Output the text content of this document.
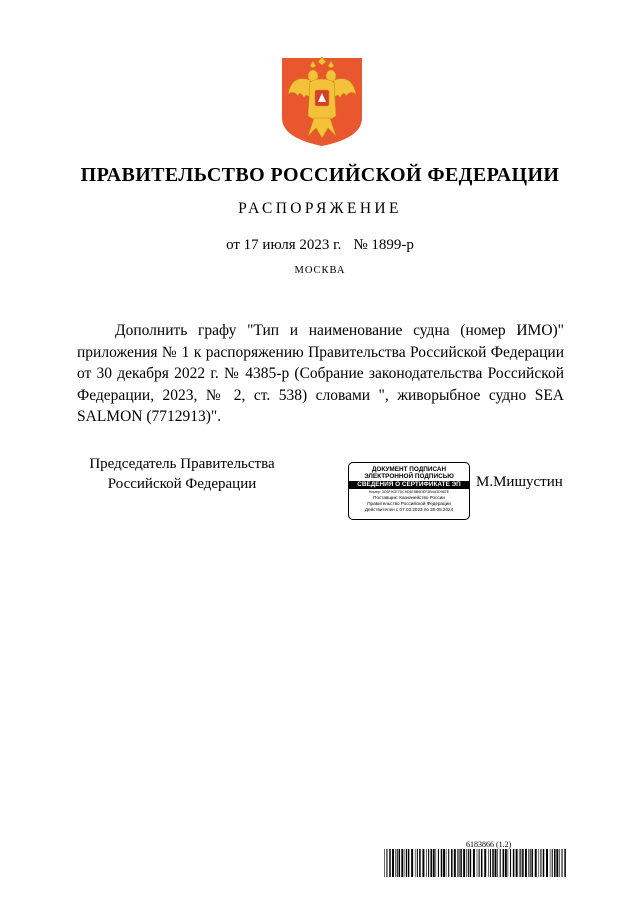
ПРАВИТЕЛЬСТВО РОССИЙСКОЙ ФЕДЕРАЦИИ
РАСПОРЯЖЕНИЕ
от 17 июля 2023 г. № 1899-р
МОСКВА

Дополнить графу "Тип и наименование судна (номер ИМО)" приложения № 1 к распоряжению Правительства Российской Федерации от 30 декабря 2022 г. № 4385-р (Собрание законодательства Российской Федерации, 2023, № 2, ст. 538) словами ", живорыбное судно SEA SALMON (7712913)".

Председатель Правительства
Российской Федерации
ДОКУМЕНТ ПОДПИСАН
ЭЛЕКТРОННОЙ ПОДПИСЬЮ
СВЕДЕНИЯ О СЕРТИФИКАТЕ ЭП
Номер: 3C6F9CE7DC9D4E8B6DEF3B4A3D987E
Поставщик: Казначейство России
Правительство Российской Федерации
Действителен с 07.03.2023 по 30.05.2024
М.Мишустин
6183866 (1.2)
